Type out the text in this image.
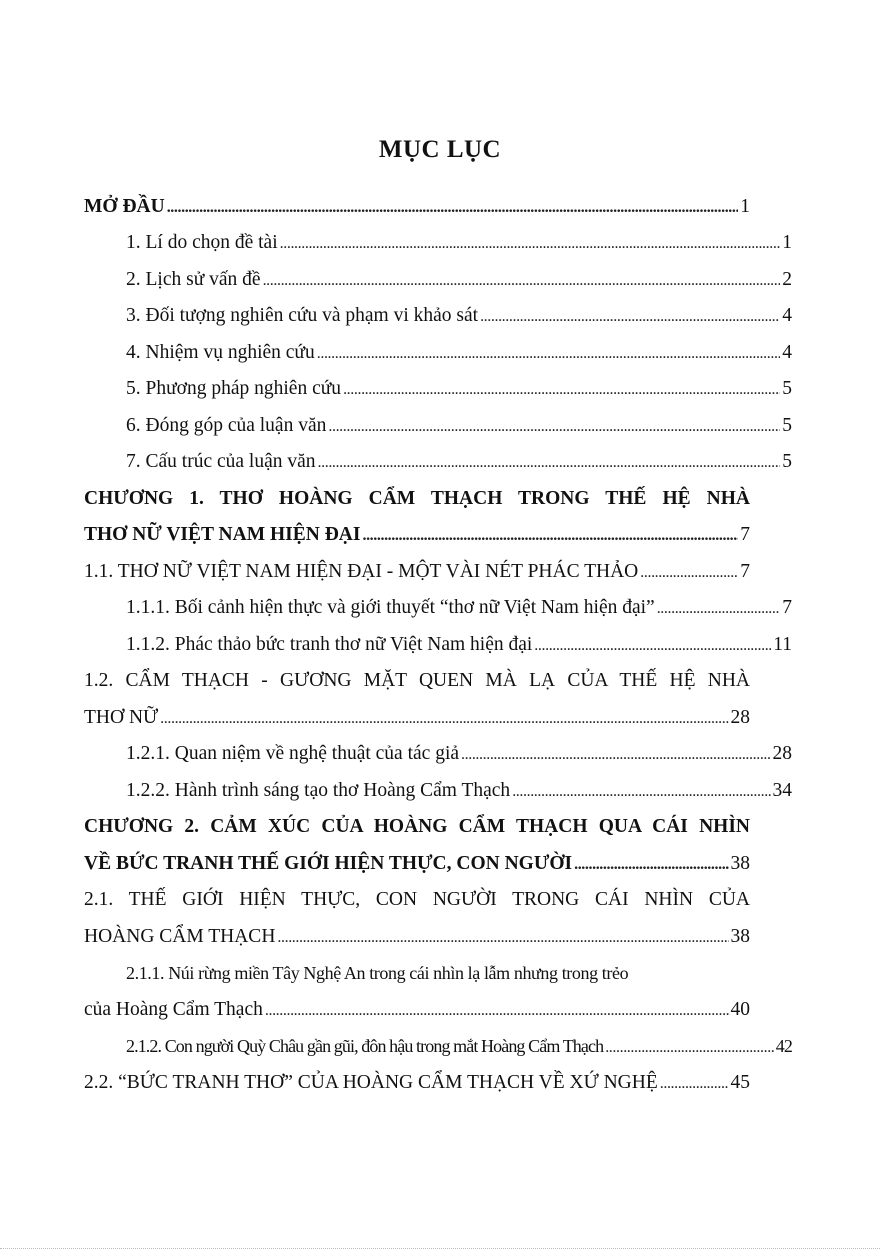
MỤC LỤC
MỞ ĐẦU . . .	1
1. Lí do chọn đề tài . . .	1
2. Lịch sử vấn đề . . .	2
3. Đối tượng nghiên cứu và phạm vi khảo sát . . .	4
4. Nhiệm vụ nghiên cứu . . .	4
5. Phương pháp nghiên cứu . . .	5
6. Đóng góp của luận văn . . .	5
7. Cấu trúc của luận văn . . .	5
CHƯƠNG 1. THƠ HOÀNG CẨM THẠCH TRONG THẾ HỆ NHÀ
THƠ NỮ VIỆT NAM HIỆN ĐẠI . . .	7
1.1. THƠ NỮ VIỆT NAM HIỆN ĐẠI - MỘT VÀI NÉT PHÁC THẢO . . .	7
1.1.1. Bối cảnh hiện thực và giới thuyết “thơ nữ Việt Nam hiện đại” . . .	7
1.1.2. Phác thảo bức tranh thơ nữ Việt Nam hiện đại . . .	11
1.2. CẨM THẠCH - GƯƠNG MẶT QUEN MÀ LẠ CỦA THẾ HỆ NHÀ
THƠ NỮ . . .	28
1.2.1. Quan niệm về nghệ thuật của tác giả . . .	28
1.2.2. Hành trình sáng tạo thơ Hoàng Cẩm Thạch . . .	34
CHƯƠNG 2. CẢM XÚC CỦA HOÀNG CẨM THẠCH QUA CÁI NHÌN
VỀ BỨC TRANH THẾ GIỚI HIỆN THỰC, CON NGƯỜI . . .	38
2.1. THẾ GIỚI HIỆN THỰC, CON NGƯỜI TRONG CÁI NHÌN CỦA
HOÀNG CẨM THẠCH . . .	38
2.1.1. Núi rừng miền Tây Nghệ An trong cái nhìn lạ lẫm nhưng trong trẻo
của Hoàng Cẩm Thạch . . .	40
2.1.2. Con người Quỳ Châu gần gũi, đôn hậu trong mắt Hoàng Cẩm Thạch . . .	42
2.2. “BỨC TRANH THƠ” CỦA HOÀNG CẨM THẠCH VỀ XỨ NGHỆ . . .	45
